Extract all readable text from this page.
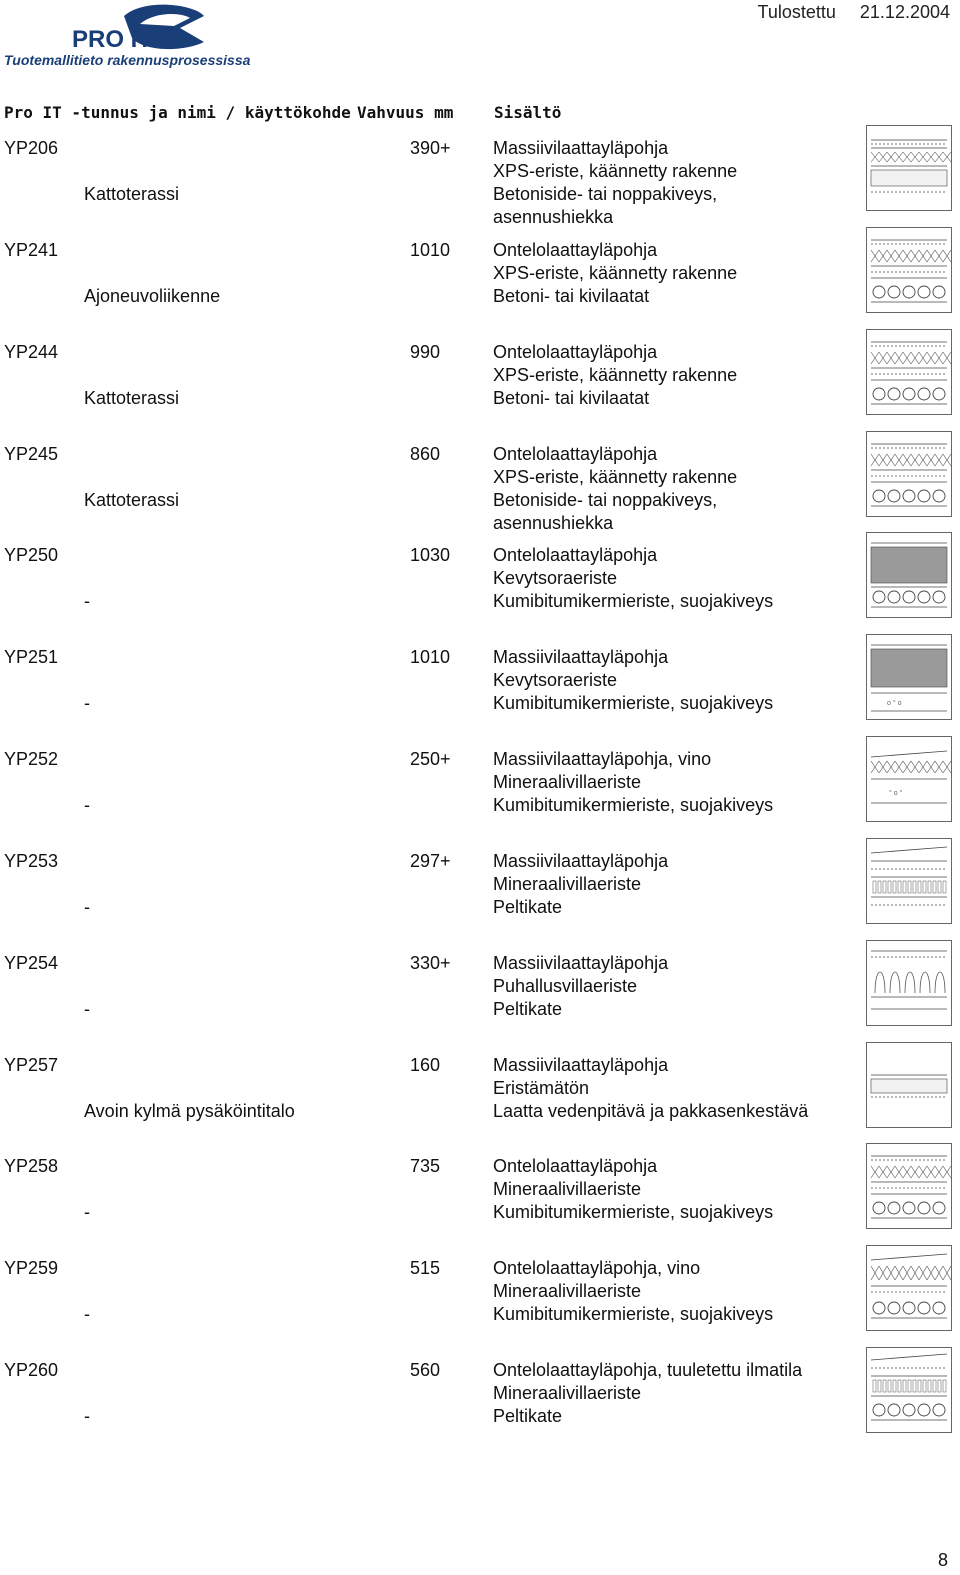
PRO IT
Tuotemallitieto rakennusprosessissa
Tulostettu 21.12.2004
Pro IT -tunnus ja nimi / käyttökohde Vahvuus mm	Sisältö
YP206
Kattoterassi
390+ Massiivilaattayläpohja
XPS-eriste, käännetty rakenne
Betoniside- tai noppakiveys,
asennushiekka
YP241
Ajoneuvoliikenne
1010 Ontelolaattayläpohja
XPS-eriste, käännetty rakenne
Betoni- tai kivilaatat
YP244
Kattoterassi
990	Ontelolaattayläpohja
XPS-eriste, käännetty rakenne
Betoni- tai kivilaatat
YP245
Kattoterassi
860	Ontelolaattayläpohja
XPS-eriste, käännetty rakenne
Betoniside- tai noppakiveys,
asennushiekka
YP250
-
1030 Ontelolaattayläpohja
Kevytsoraeriste
Kumibitumikermieriste, suojakiveys
YP251
-
1010 Massiivilaattayläpohja
Kevytsoraeriste
Kumibitumikermieriste, suojakiveys	o ° o
YP252
-
250+ Massiivilaattayläpohja, vino
Mineraalivillaeriste
Kumibitumikermieriste, suojakiveys
° o °
YP253
-
297+ Massiivilaattayläpohja
Mineraalivillaeriste
Peltikate
YP254
-
330+ Massiivilaattayläpohja
Puhallusvillaeriste
Peltikate
YP257
Avoin kylmä pysäköintitalo
160	Massiivilaattayläpohja
Eristämätön
Laatta vedenpitävä ja pakkasenkestävä
YP258
-
735	Ontelolaattayläpohja
Mineraalivillaeriste
Kumibitumikermieriste, suojakiveys
YP259
-
515	Ontelolaattayläpohja, vino
Mineraalivillaeriste
Kumibitumikermieriste, suojakiveys
YP260
-
560	Ontelolaattayläpohja, tuuletettu ilmatila
Mineraalivillaeriste
Peltikate
8
